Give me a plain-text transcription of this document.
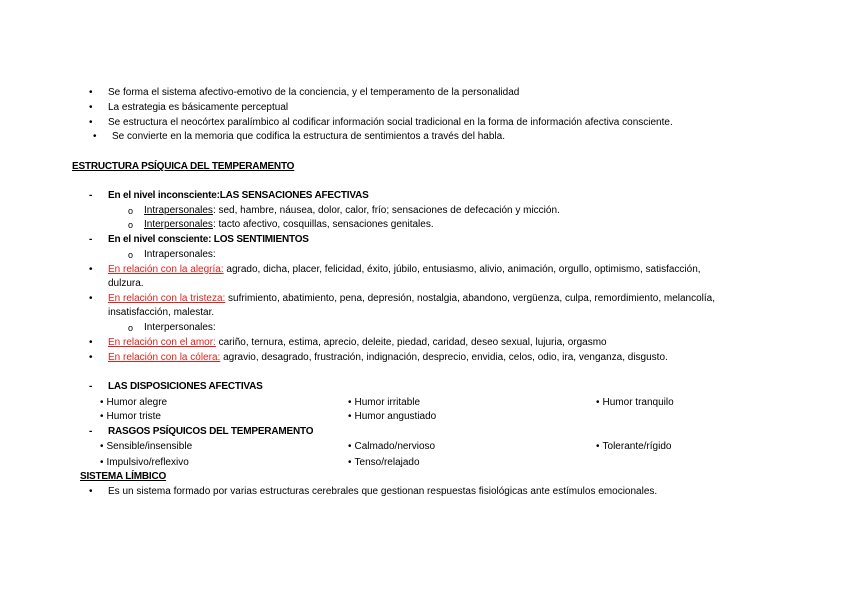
• Se forma el sistema afectivo-emotivo de la conciencia, y el temperamento de la personalidad
• La estrategia es básicamente perceptual
• Se estructura el neocórtex paralímbico al codificar información social tradicional en la forma de información afectiva consciente.
• Se convierte en la memoria que codifica la estructura de sentimientos a través del habla.
ESTRUCTURA PSÍQUICA DEL TEMPERAMENTO
- En el nivel inconsciente:LAS SENSACIONES AFECTIVAS
o Intrapersonales: sed, hambre, náusea, dolor, calor, frío; sensaciones de defecación y micción.
o Interpersonales: tacto afectivo, cosquillas, sensaciones genitales.
- En el nivel consciente: LOS SENTIMIENTOS
o Intrapersonales:
• En relación con la alegría: agrado, dicha, placer, felicidad, éxito, júbilo, entusiasmo, alivio, animación, orgullo, optimismo, satisfacción,
dulzura.
• En relación con la tristeza: sufrimiento, abatimiento, pena, depresión, nostalgia, abandono, vergüenza, culpa, remordimiento, melancolía,
insatisfacción, malestar.
o Interpersonales:
• En relación con el amor: cariño, ternura, estima, aprecio, deleite, piedad, caridad, deseo sexual, lujuria, orgasmo
• En relación con la cólera: agravio, desagrado, frustración, indignación, desprecio, envidia, celos, odio, ira, venganza, disgusto.
- LAS DISPOSICIONES AFECTIVAS
• Humor alegre
• Humor triste
• Humor irritable
• Humor angustiado
• Humor tranquilo
- RASGOS PSÍQUICOS DEL TEMPERAMENTO
• Sensible/insensible
• Impulsivo/reflexivo
• Calmado/nervioso
• Tenso/relajado
• Tolerante/rígido
SISTEMA LÍMBICO
• Es un sistema formado por varias estructuras cerebrales que gestionan respuestas fisiológicas ante estímulos emocionales.
